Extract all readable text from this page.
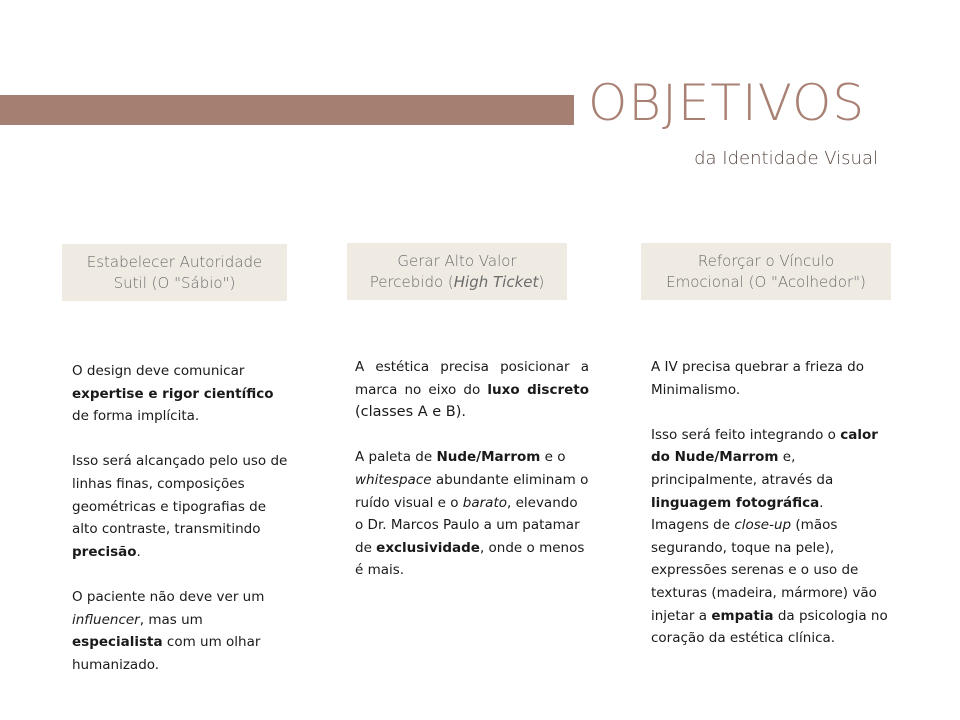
OBJETIVOS
da Identidade Visual
Estabelecer Autoridade
Sutil (O "Sábio")
Gerar Alto Valor
Percebido (High Ticket)
Reforçar o Vínculo
Emocional (O "Acolhedor")

O design deve comunicar expertise e rigor científico de forma implícita.

Isso será alcançado pelo uso de linhas finas, composições geométricas e tipografias de alto contraste, transmitindo precisão.

O paciente não deve ver um influencer, mas um especialista com um olhar humanizado.

A estética precisa posicionar a marca no eixo do luxo discreto (classes A e B).

A paleta de Nude/Marrom e o whitespace abundante eliminam o ruído visual e o barato, elevando o Dr. Marcos Paulo a um patamar de exclusividade, onde o menos é mais.

A IV precisa quebrar a frieza do Minimalismo.

Isso será feito integrando o calor do Nude/Marrom e, principalmente, através da linguagem fotográfica.

Imagens de close-up (mãos segurando, toque na pele), expressões serenas e o uso de texturas (madeira, mármore) vão injetar a empatia da psicologia no coração da estética clínica.
